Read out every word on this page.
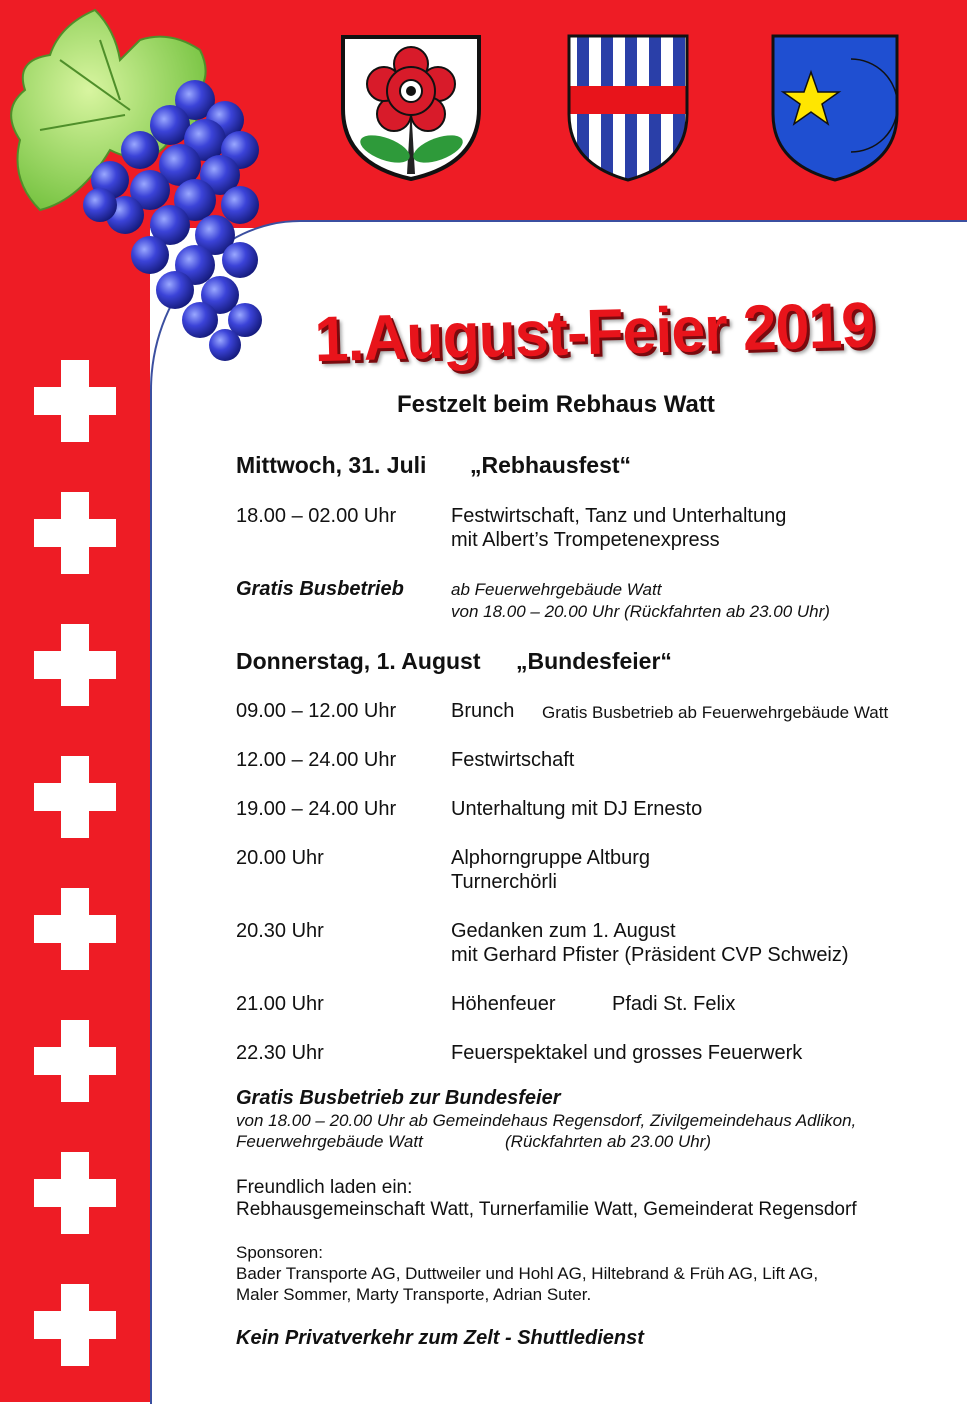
1.August-Feier 2019
Festzelt beim Rebhaus Watt
Mittwoch, 31. Juli „Rebhausfest“
18.00 – 02.00 Uhr	Festwirtschaft, Tanz und Unterhaltung
mit Albert’s Trompetenexpress
Gratis Busbetrieb	ab Feuerwehrgebäude Watt
von 18.00 – 20.00 Uhr (Rückfahrten ab 23.00 Uhr)
Donnerstag, 1. August „Bundesfeier“
09.00 – 12.00 Uhr	Brunch Gratis Busbetrieb ab Feuerwehrgebäude Watt
12.00 – 24.00 Uhr	Festwirtschaft
19.00 – 24.00 Uhr	Unterhaltung mit DJ Ernesto
20.00 Uhr	Alphorngruppe Altburg
Turnerchörli
20.30 Uhr	Gedanken zum 1. August
mit Gerhard Pfister (Präsident CVP Schweiz)
21.00 Uhr	Höhenfeuer	Pfadi St. Felix
22.30 Uhr	Feuerspektakel und grosses Feuerwerk
Gratis Busbetrieb zur Bundesfeier
von 18.00 – 20.00 Uhr ab Gemeindehaus Regensdorf, Zivilgemeindehaus Adlikon,
Feuerwehrgebäude Watt	(Rückfahrten ab 23.00 Uhr)
Freundlich laden ein:
Rebhausgemeinschaft Watt, Turnerfamilie Watt, Gemeinderat Regensdorf
Sponsoren:
Bader Transporte AG, Duttweiler und Hohl AG, Hiltebrand & Früh AG, Lift AG,
Maler Sommer, Marty Transporte, Adrian Suter.
Kein Privatverkehr zum Zelt - Shuttledienst
